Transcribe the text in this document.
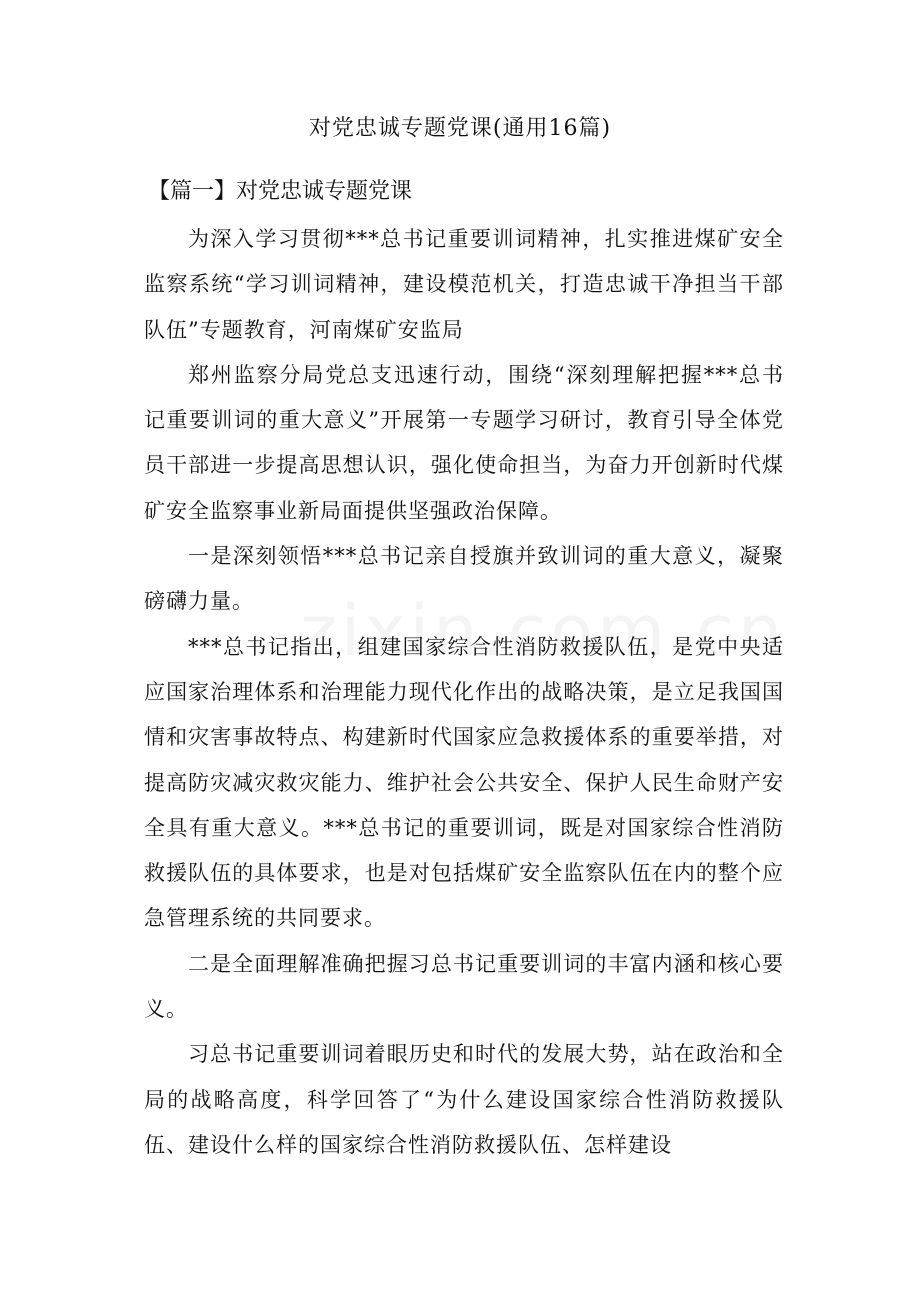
对党忠诚专题党课(通用16篇)
【篇一】对党忠诚专题党课

为深入学习贯彻***总书记重要训词精神，扎实推进煤矿安全监察系统“学习训词精神，建设模范机关，打造忠诚干净担当干部队伍”专题教育，河南煤矿安监局

郑州监察分局党总支迅速行动，围绕“深刻理解把握***总书记重要训词的重大意义”开展第一专题学习研讨，教育引导全体党员干部进一步提高思想认识，强化使命担当，为奋力开创新时代煤矿安全监察事业新局面提供坚强政治保障。

一是深刻领悟***总书记亲自授旗并致训词的重大意义，凝聚磅礴力量。

***总书记指出，组建国家综合性消防救援队伍，是党中央适应国家治理体系和治理能力现代化作出的战略决策，是立足我国国情和灾害事故特点、构建新时代国家应急救援体系的重要举措，对提高防灾减灾救灾能力、维护社会公共安全、保护人民生命财产安全具有重大意义。***总书记的重要训词，既是对国家综合性消防救援队伍的具体要求，也是对包括煤矿安全监察队伍在内的整个应急管理系统的共同要求。

二是全面理解准确把握习总书记重要训词的丰富内涵和核心要义。

习总书记重要训词着眼历史和时代的发展大势，站在政治和全局的战略高度，科学回答了“为什么建设国家综合性消防救援队伍、建设什么样的国家综合性消防救援队伍、怎样建设
